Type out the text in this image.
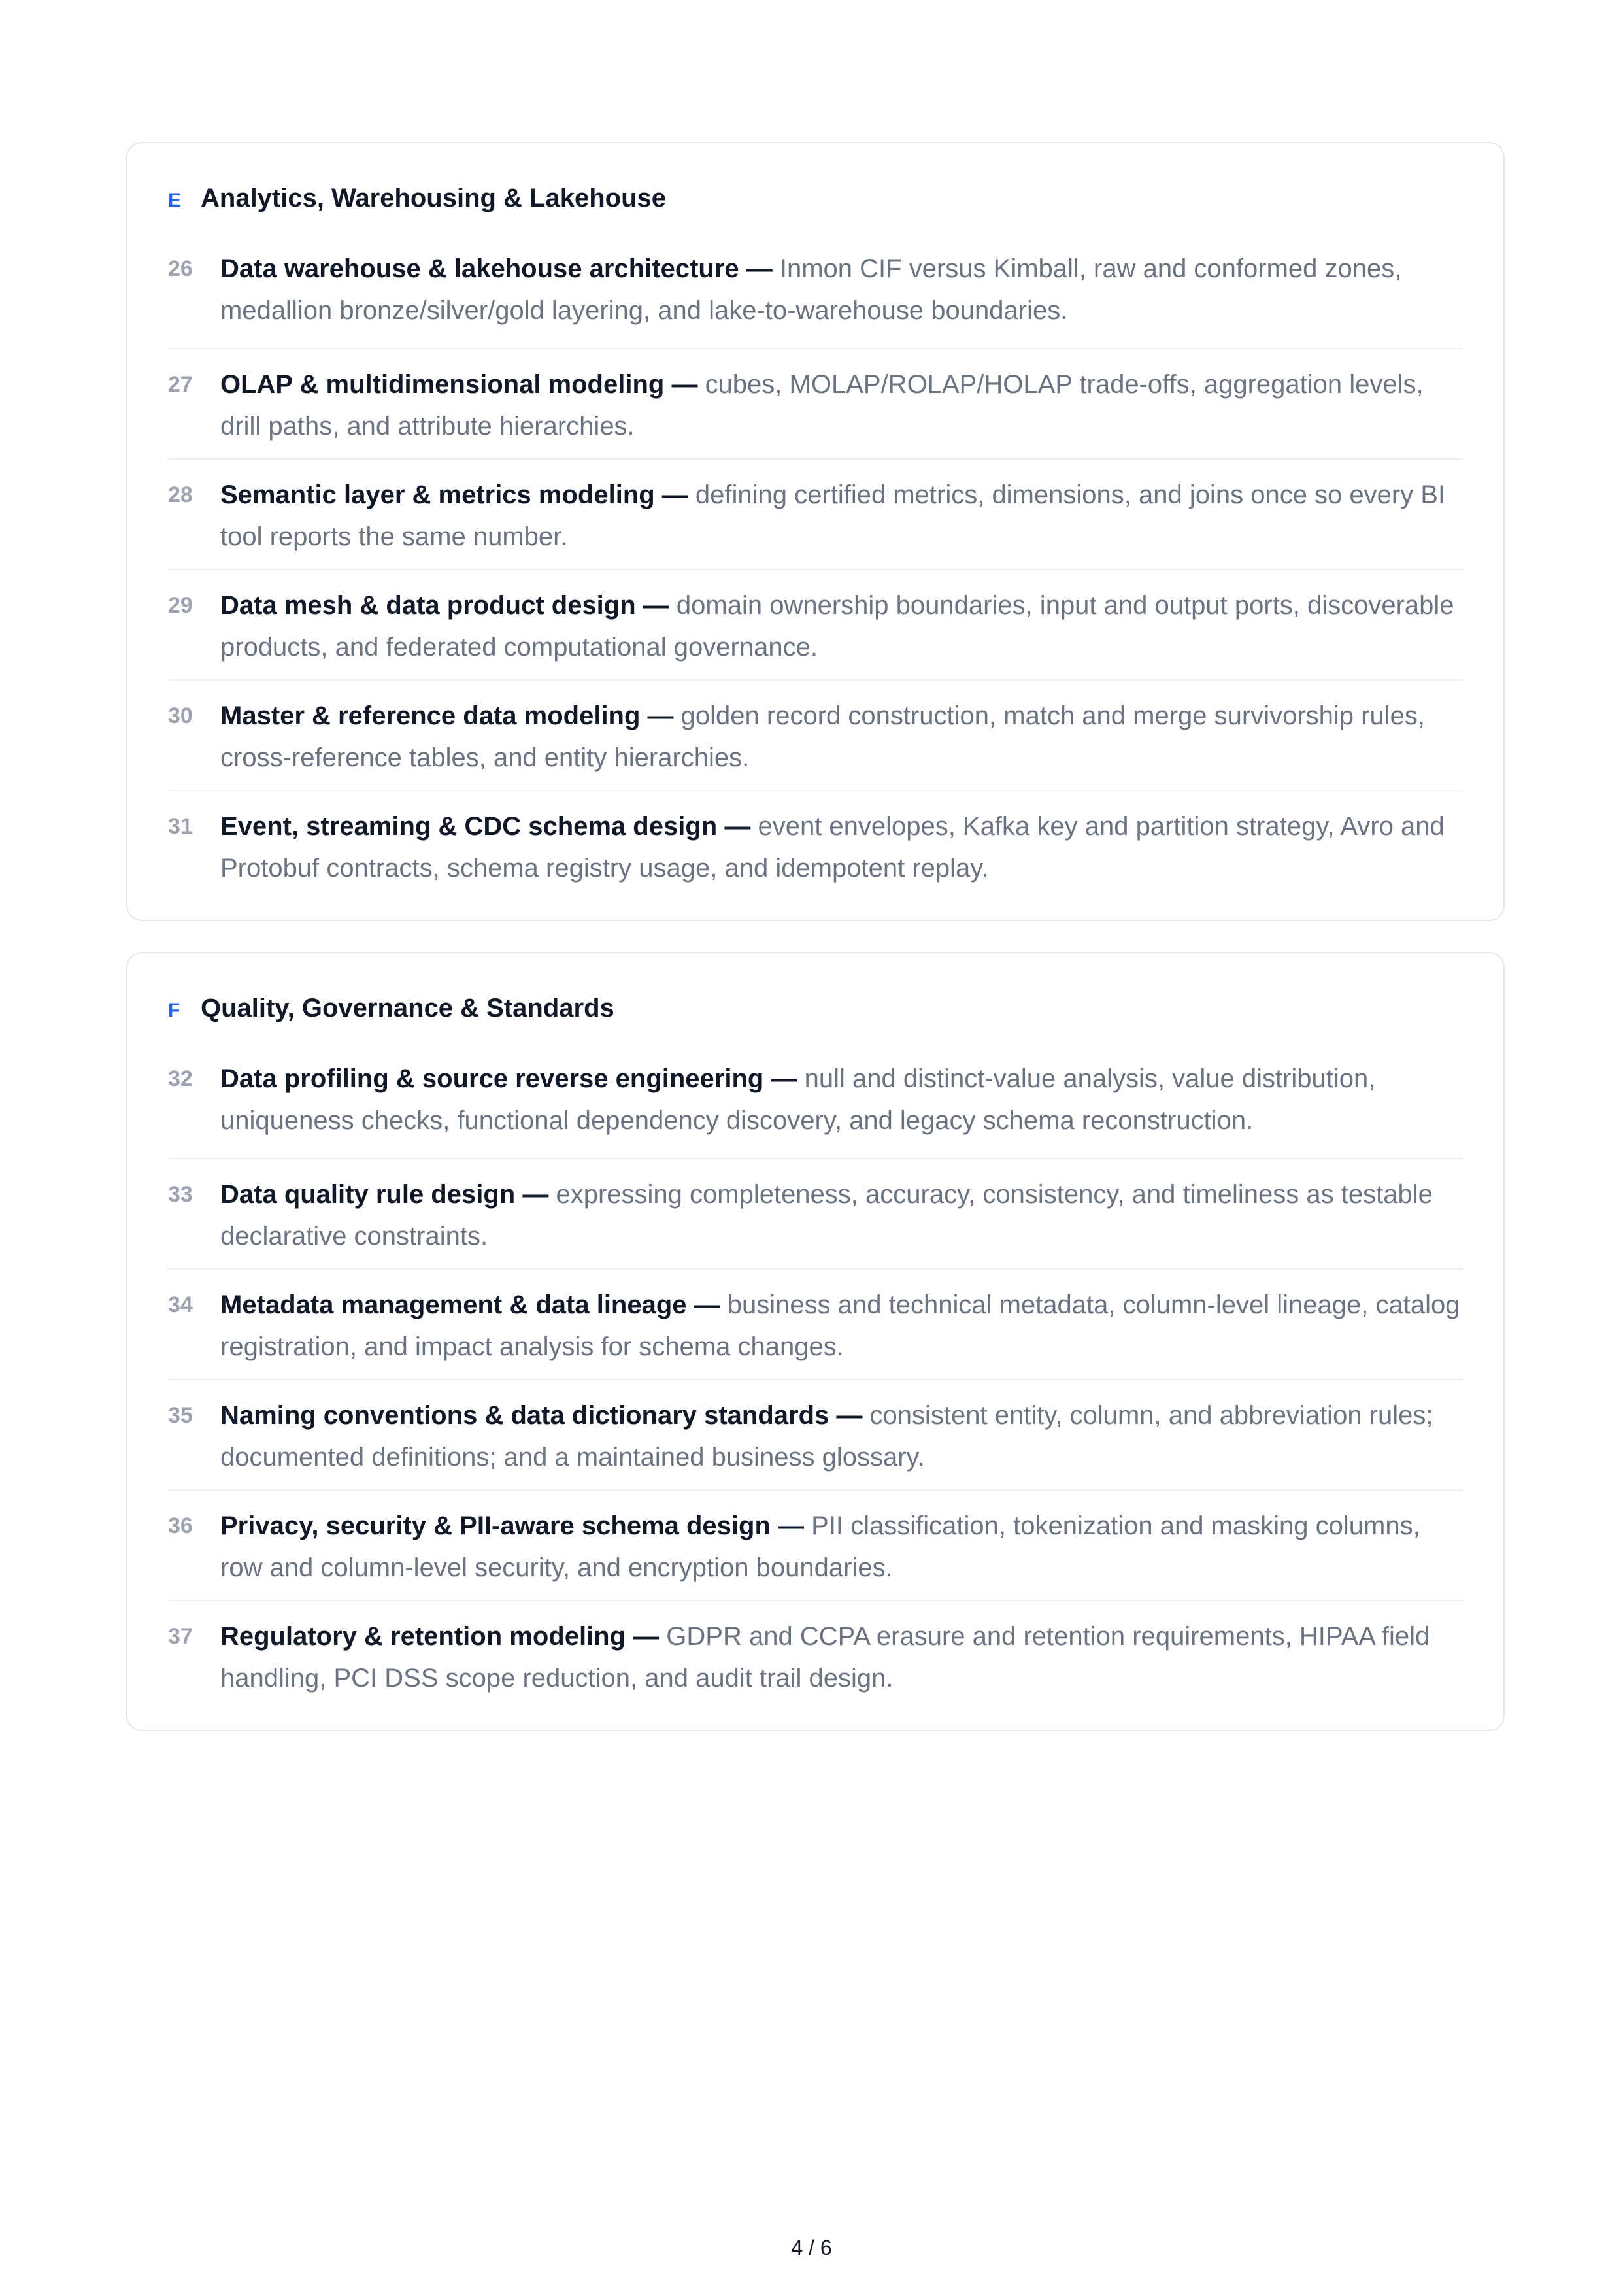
E Analytics, Warehousing & Lakehouse
26	Data warehouse & lakehouse architecture — Inmon CIF versus Kimball, raw and conformed zones, medallion bronze/silver/gold layering, and lake-to-warehouse boundaries.
27	OLAP & multidimensional modeling — cubes, MOLAP/ROLAP/HOLAP trade-offs, aggregation levels, drill paths, and attribute hierarchies.
28	Semantic layer & metrics modeling — defining certified metrics, dimensions, and joins once so every BI tool reports the same number.
29	Data mesh & data product design — domain ownership boundaries, input and output ports, discoverable products, and federated computational governance.
30	Master & reference data modeling — golden record construction, match and merge survivorship rules, cross-reference tables, and entity hierarchies.
31	Event, streaming & CDC schema design — event envelopes, Kafka key and partition strategy, Avro and Protobuf contracts, schema registry usage, and idempotent replay.
F Quality, Governance & Standards
32	Data profiling & source reverse engineering — null and distinct-value analysis, value distribution, uniqueness checks, functional dependency discovery, and legacy schema reconstruction.
33	Data quality rule design — expressing completeness, accuracy, consistency, and timeliness as testable declarative constraints.
34	Metadata management & data lineage — business and technical metadata, column-level lineage, catalog registration, and impact analysis for schema changes.
35	Naming conventions & data dictionary standards — consistent entity, column, and abbreviation rules; documented definitions; and a maintained business glossary.
36	Privacy, security & PII-aware schema design — PII classification, tokenization and masking columns, row and column-level security, and encryption boundaries.
37	Regulatory & retention modeling — GDPR and CCPA erasure and retention requirements, HIPAA field handling, PCI DSS scope reduction, and audit trail design.
4 / 6
